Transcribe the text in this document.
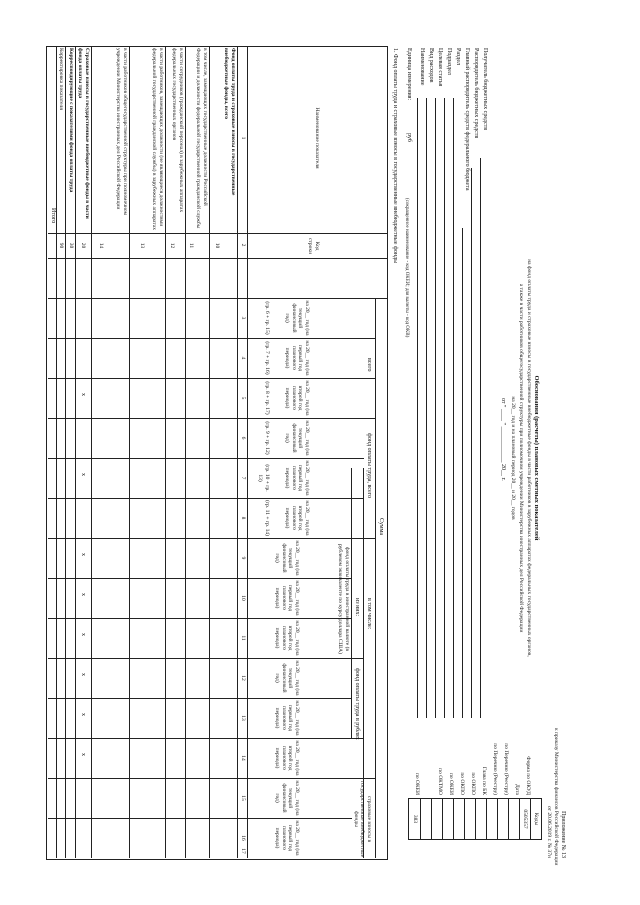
Приложение № 13
к приказу Министерства финансов Российской Федерации
от 20.06.2019 г. № 37н
Обоснования (расчеты) плановых сметных показателей
на фонд оплаты труда и страховые взносы в государственные внебюджетные фонды в части работников в зарубежных аппаратах федеральных государственных органов,
а также в части работников общегосударственной структуры при полномочном учреждении Министерства иностранных дел Российской Федерации
на 20__ год и на плановый период 20__ и 20__ годов
от " ____ " ____________ 20__ г.
Коды
0505357
383
Форма по ОКУД
Дата
по Перечню (Реестру)
по Перечню (Реестру)
Глава по БК
по ОКПО
по ОКПО
по ОКЕИ
по ОКТМО
по ОКЕИ
Получатель бюджетных средств
Распорядитель бюджетных средств
Главный распорядитель средств федерального бюджета
Раздел
Подраздел
Целевая статья
Вид расходов
Наименование
Единица измерения:
руб
(сокращенное наименование - код ОКЕИ; для валюты - код ОКВ)
1. Фонд оплаты труда и страховые взносы в государственные внебюджетные фонды
Наименование показателя
Код строки
Сумма
всего
фонд оплаты труда, всего
в том числе:
из них:
фонд оплаты труда в иностранной валюте (в рублевом эквиваленте по курсу доллара США)
фонд оплаты труда в рублях
страховые взносы в государственные внебюджетные фонды
на 20__ год (на текущий финансовый год)
(гр. 6 + гр. 15)
на 20__ год (на первый год планового периода)
(гр. 7 + гр. 16)
на 20__ год (на второй год планового периода)
(гр. 8 + гр. 17)
на 20__ год (на текущий финансовый год)
(гр. 9 + гр. 12)
на 20__ год (на первый год планового периода)
(гр. 10 + гр. 13)
на 20__ год (на второй год планового периода)
(гр. 11 + гр. 14)
на 20__ год (на текущий финансовый год)
на 20__ год (на первый год планового периода)
на 20__ год (на второй год планового периода)
на 20__ год (на текущий финансовый год)
на 20__ год (на первый год планового периода)
на 20__ год (на второй год планового периода)
на 20__ год (на текущий финансовый год)
на 20__ год (на первый год планового периода)
1
2
3
4
5
6
7
8
9
10
11
12
13
14
15
16
17
Фонд оплаты труда и страховые взносы в государственные внебюджетные фонды, всего
10
в том числе, замещающих государственные должности Российской Федерации и должности федеральной государственной гражданской службы
11
в части сотрудников (гражданский персонал) в зарубежных аппаратах федеральных государственных органов
12
в части работников, замещающих должности (не являющиеся должностями федеральной государственной гражданской службы) в зарубежных аппаратах
13
в части работников общегосударственной структуры при полномочном учреждении Министерства иностранных дел Российской Федерации
14
Страховые взносы в государственные внебюджетные фонды в части фонда оплаты труда
20
Корреспондирующие с показателями фонда оплаты труда
30
Корректировка показателя
90
Итого
х
х
х
х
х
х
х
х
